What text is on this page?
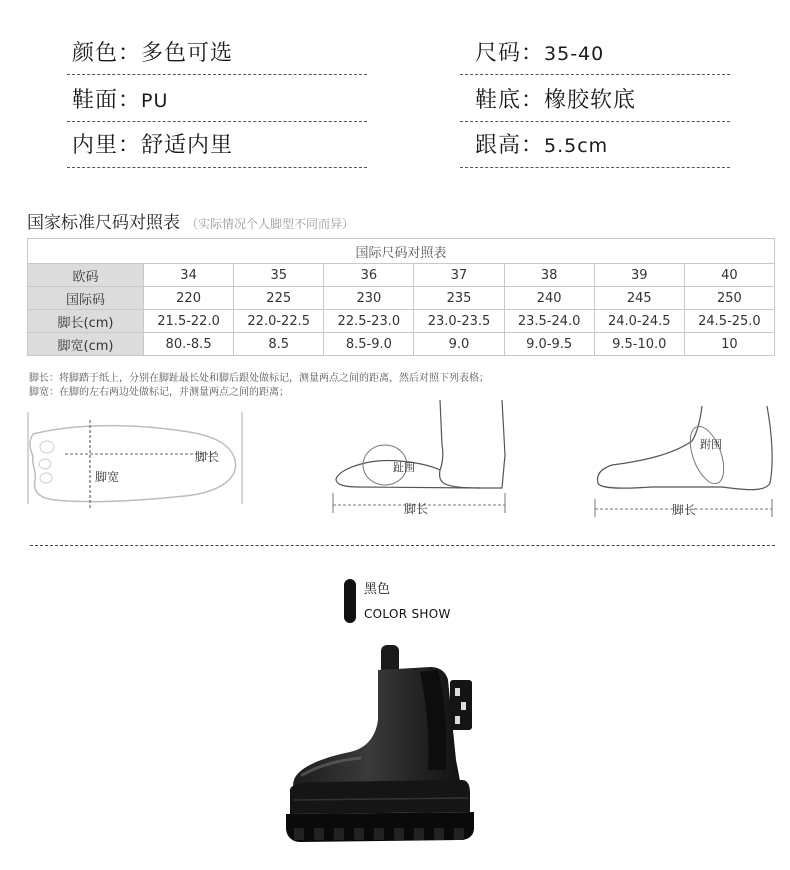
颜色：多色可选	尺码：35-40
鞋面：PU	鞋底：橡胶软底
内里：舒适内里	跟高：5.5cm
国家标准尺码对照表 （实际情况个人脚型不同而异）
国际尺码对照表							
欧码	34	35	36	37	38	39	40
国际码	220	225	230	235	240	245	250
脚长(cm)	21.5-22.0	22.0-22.5	22.5-23.0	23.0-23.5	23.5-24.0	24.0-24.5	24.5-25.0
脚宽(cm)	80.-8.5	8.5	8.5-9.0	9.0	9.0-9.5	9.5-10.0	10
脚长：将脚踏于纸上，分别在脚趾最长处和脚后跟处做标记，测量两点之间的距离，然后对照下列表格；
脚宽：在脚的左右两边处做标记，并测量两点之间的距离；
脚宽
脚长
趾围
脚长
跗围
脚长
黑色
COLOR SHOW
